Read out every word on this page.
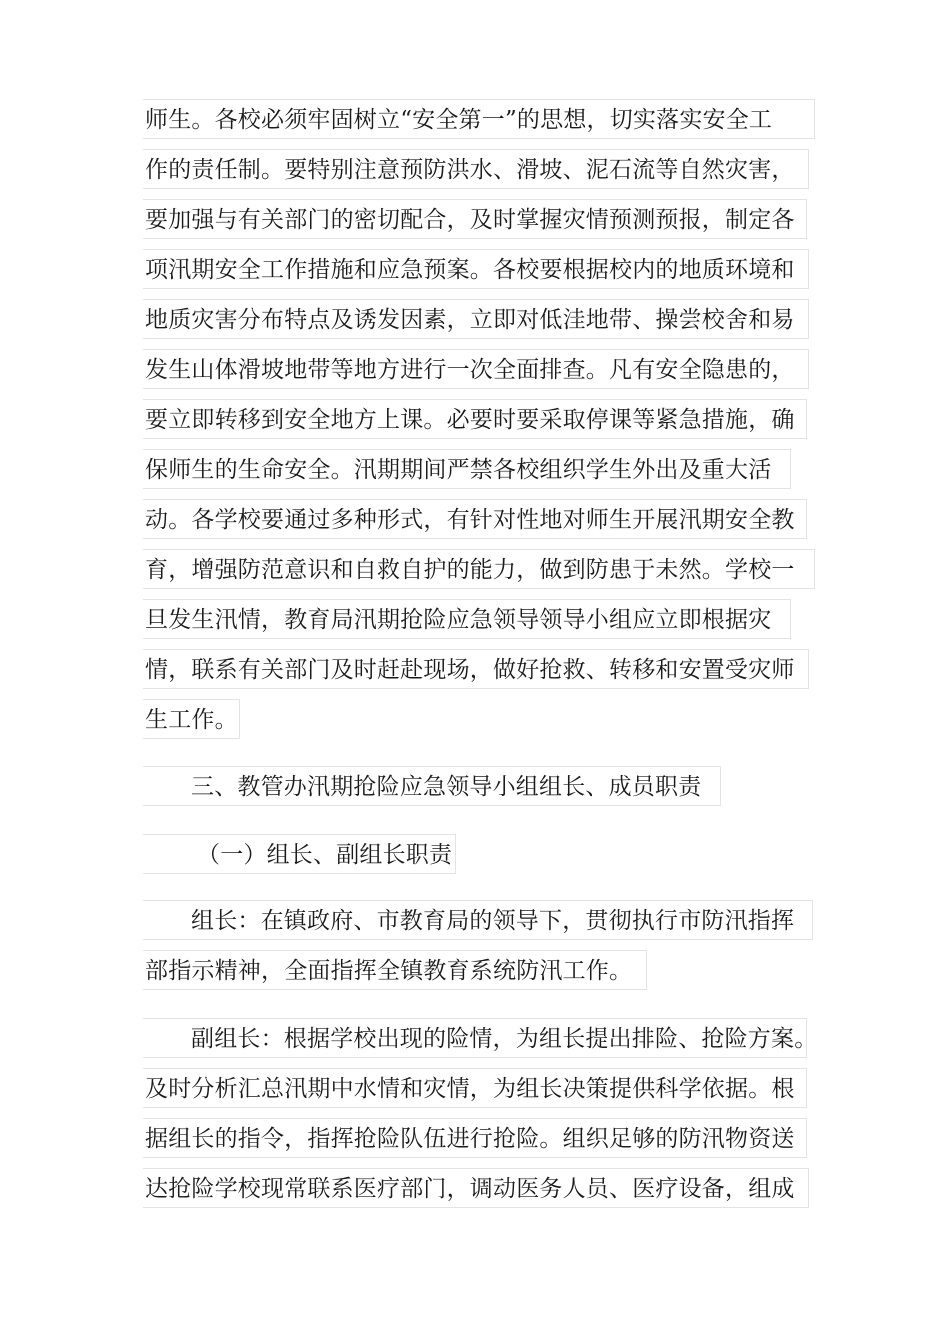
师生。各校必须牢固树立“安全第一”的思想，切实落实安全工
作的责任制。要特别注意预防洪水、滑坡、泥石流等自然灾害，
要加强与有关部门的密切配合，及时掌握灾情预测预报，制定各
项汛期安全工作措施和应急预案。各校要根据校内的地质环境和
地质灾害分布特点及诱发因素，立即对低洼地带、操尝校舍和易
发生山体滑坡地带等地方进行一次全面排查。凡有安全隐患的，
要立即转移到安全地方上课。必要时要采取停课等紧急措施，确
保师生的生命安全。汛期期间严禁各校组织学生外出及重大活
动。各学校要通过多种形式，有针对性地对师生开展汛期安全教
育，增强防范意识和自救自护的能力，做到防患于未然。学校一
旦发生汛情，教育局汛期抢险应急领导领导小组应立即根据灾
情，联系有关部门及时赶赴现场，做好抢救、转移和安置受灾师
生工作。
三、教管办汛期抢险应急领导小组组长、成员职责
（一）组长、副组长职责
组长：在镇政府、市教育局的领导下，贯彻执行市防汛指挥
部指示精神，全面指挥全镇教育系统防汛工作。
副组长：根据学校出现的险情，为组长提出排险、抢险方案。
及时分析汇总汛期中水情和灾情，为组长决策提供科学依据。根
据组长的指令，指挥抢险队伍进行抢险。组织足够的防汛物资送
达抢险学校现常联系医疗部门，调动医务人员、医疗设备，组成
